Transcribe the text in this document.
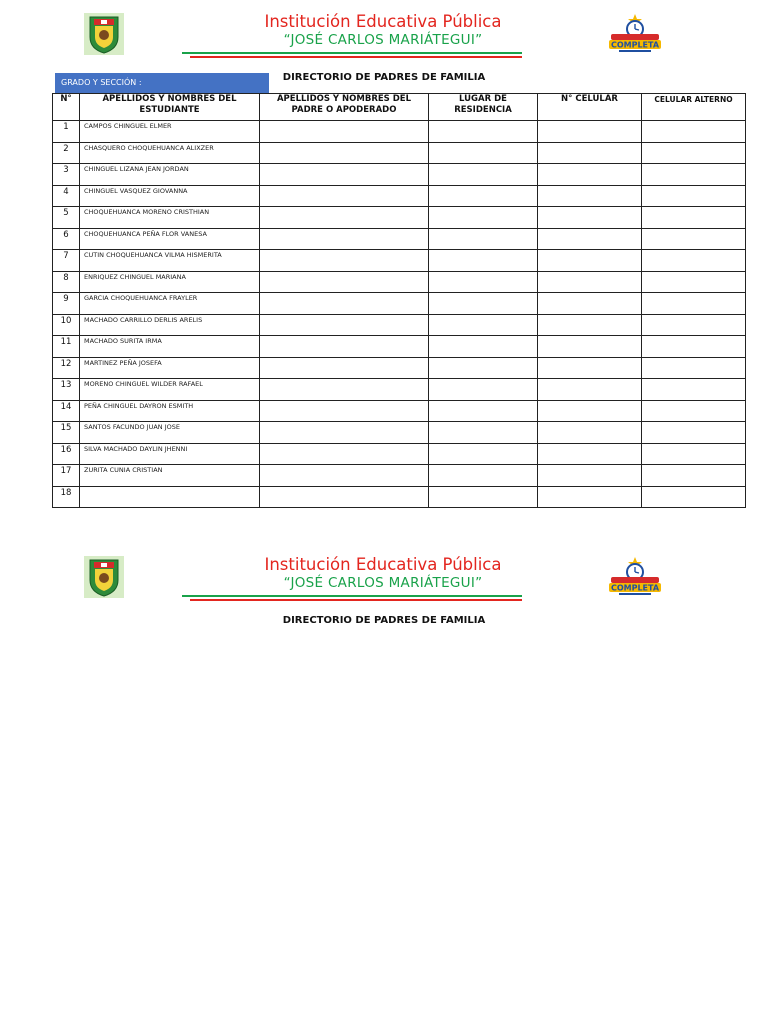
Institución Educativa Pública
“JOSÉ CARLOS MARIÁTEGUI”	COMPLETA
DIRECTORIO DE PADRES DE FAMILIA
GRADO Y SECCIÓN :
N°	APELLIDOS Y NOMBRES DEL ESTUDIANTE	APELLIDOS Y NOMBRES DEL PADRE O APODERADO	LUGAR DE RESIDENCIA	N° CELULAR	CELULAR ALTERNO
1	CAMPOS CHINGUEL ELMER				
2	CHASQUERO CHOQUEHUANCA ALIXZER				
3	CHINGUEL LIZANA JEAN JORDAN				
4	CHINGUEL VASQUEZ GIOVANNA				
5	CHOQUEHUANCA MORENO CRISTHIAN				
6	CHOQUEHUANCA PEÑA FLOR VANESA				
7	CUTIN CHOQUEHUANCA VILMA HISMERITA				
8	ENRIQUEZ CHINGUEL MARIANA				
9	GARCIA CHOQUEHUANCA FRAYLER				
10	MACHADO CARRILLO DERLIS ARELIS				
11	MACHADO SURITA IRMA				
12	MARTINEZ PEÑA JOSEFA				
13	MORENO CHINGUEL WILDER RAFAEL				
14	PEÑA CHINGUEL DAYRON ESMITH				
15	SANTOS FACUNDO JUAN JOSE				
16	SILVA MACHADO DAYLIN JHENNI				
17	ZURITA CUNIA CRISTIAN				
18					
Institución Educativa Pública
“JOSÉ CARLOS MARIÁTEGUI”	COMPLETA
DIRECTORIO DE PADRES DE FAMILIA
